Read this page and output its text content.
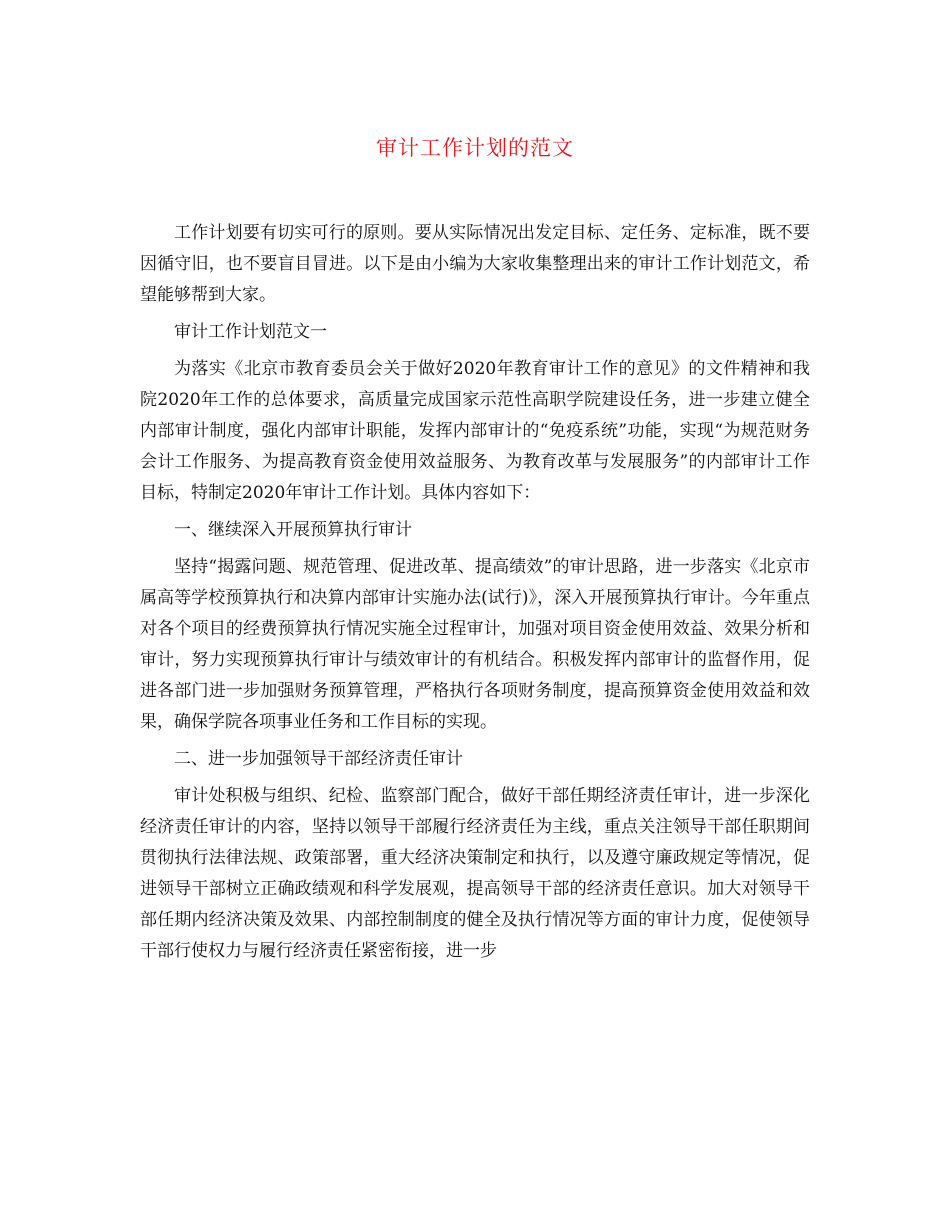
审计工作计划的范文

工作计划要有切实可行的原则。要从实际情况出发定目标、定任务、定标准，既不要因循守旧，也不要盲目冒进。以下是由小编为大家收集整理出来的审计工作计划范文，希望能够帮到大家。

审计工作计划范文一

为落实《北京市教育委员会关于做好2020年教育审计工作的意见》的文件精神和我院2020年工作的总体要求，高质量完成国家示范性高职学院建设任务，进一步建立健全内部审计制度，强化内部审计职能，发挥内部审计的“免疫系统”功能，实现“为规范财务会计工作服务、为提高教育资金使用效益服务、为教育改革与发展服务”的内部审计工作目标，特制定2020年审计工作计划。具体内容如下：

一、继续深入开展预算执行审计

坚持“揭露问题、规范管理、促进改革、提高绩效”的审计思路，进一步落实《北京市属高等学校预算执行和决算内部审计实施办法(试行)》，深入开展预算执行审计。今年重点对各个项目的经费预算执行情况实施全过程审计，加强对项目资金使用效益、效果分析和审计，努力实现预算执行审计与绩效审计的有机结合。积极发挥内部审计的监督作用，促进各部门进一步加强财务预算管理，严格执行各项财务制度，提高预算资金使用效益和效果，确保学院各项事业任务和工作目标的实现。

二、进一步加强领导干部经济责任审计

审计处积极与组织、纪检、监察部门配合，做好干部任期经济责任审计，进一步深化经济责任审计的内容，坚持以领导干部履行经济责任为主线，重点关注领导干部任职期间贯彻执行法律法规、政策部署，重大经济决策制定和执行，以及遵守廉政规定等情况，促进领导干部树立正确政绩观和科学发展观，提高领导干部的经济责任意识。加大对领导干部任期内经济决策及效果、内部控制制度的健全及执行情况等方面的审计力度，促使领导干部行使权力与履行经济责任紧密衔接，进一步
